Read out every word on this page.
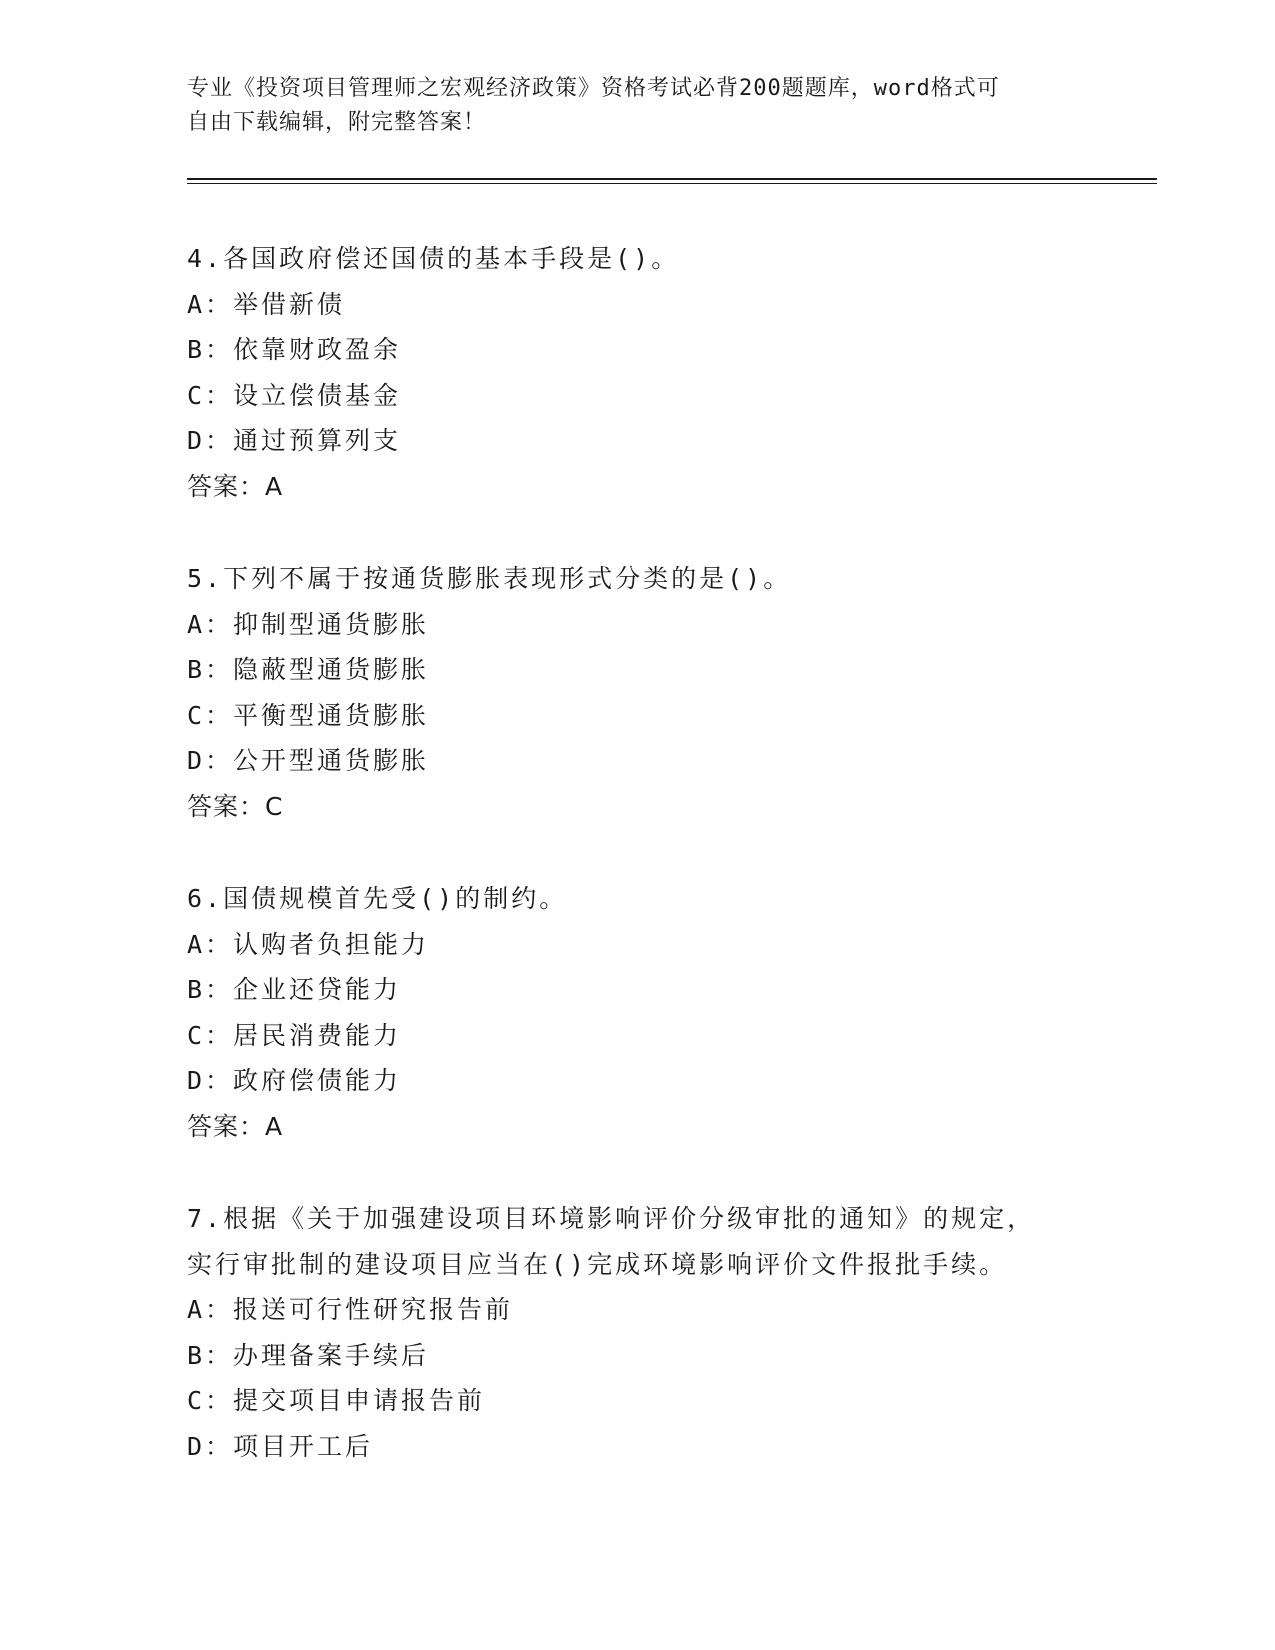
专业《投资项目管理师之宏观经济政策》资格考试必背200题题库，word格式可
自由下载编辑，附完整答案！
4.各国政府偿还国债的基本手段是()。
A：举借新债
B：依靠财政盈余
C：设立偿债基金
D：通过预算列支
答案：A
5.下列不属于按通货膨胀表现形式分类的是()。
A：抑制型通货膨胀
B：隐蔽型通货膨胀
C：平衡型通货膨胀
D：公开型通货膨胀
答案：C
6.国债规模首先受()的制约。
A：认购者负担能力
B：企业还贷能力
C：居民消费能力
D：政府偿债能力
答案：A
7.根据《关于加强建设项目环境影响评价分级审批的通知》的规定，
实行审批制的建设项目应当在()完成环境影响评价文件报批手续。
A：报送可行性研究报告前
B：办理备案手续后
C：提交项目申请报告前
D：项目开工后
